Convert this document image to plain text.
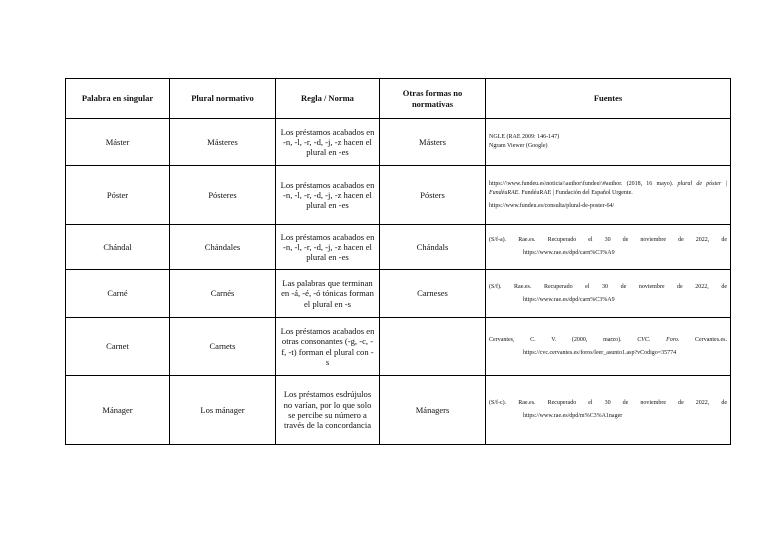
Palabra en singular	Plural normativo	Regla / Norma	Otras formas no normativas	Fuentes
Máster	Másteres	Los préstamos acabados en -n, -l, -r, -d, -j, -z hacen el plural en -es	Másters	NGLE (RAE 2009: 146-147)
Ngram Viewer (Google)

Póster	Pósteres	Los préstamos acabados en -n, -l, -r, -d, -j, -z hacen el plural en -es	Pósters	https://\www.fundeu.es\noticia\\author\fundeu\\#author. (2018, 16 mayo). plural de póster | FundéuRAE. FundéuRAE | Fundación del Español Urgente.
https://www.fundeu.es/consulta/plural-de-poster-64/

Chándal	Chándales	Los préstamos acabados en -n, -l, -r, -d, -j, -z hacen el plural en -es	Chándals	(S/f-a). Rae.es. Recuperado el 30 de noviembre de 2022, de
https://www.rae.es/dpd/carn%C3%A9

Carné	Carnés	Las palabras que terminan en -á, -é, -ó tónicas forman el plural en -s	Carneses	(S/f). Rae.es. Recuperado el 30 de noviembre de 2022, de
https://www.rae.es/dpd/carn%C3%A9

Carnet	Carnets	Los préstamos acabados en otras consonantes (-g, -c, -f, -t) forman el plural con -s		Cervantes, C. V. (2000, marzo). CVC. Foro. Cervantes.es.
https://cvc.cervantes.es/foros/leer_asunto1.asp?vCodigo=35774

Mánager	Los mánager	Los préstamos esdrújulos no varían, por lo que solo se percibe su número a través de la concordancia	Mánagers	(S/f-c). Rae.es. Recuperado el 30 de noviembre de 2022, de
https://www.rae.es/dpd/m%C3%A1nager
